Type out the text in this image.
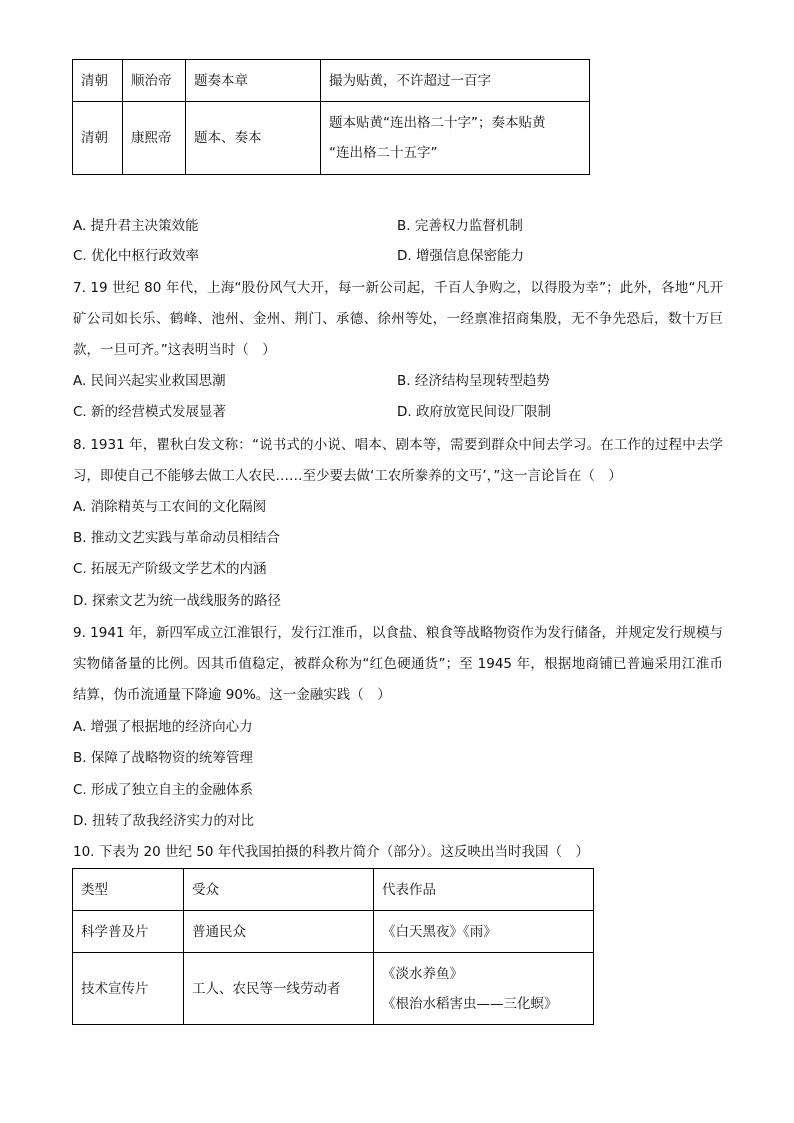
清朝	顺治帝	题奏本章	撮为贴黄，不许超过一百字
清朝	康熙帝	题本、奏本	题本贴黄“连出格二十字”；奏本贴黄
“连出格二十五字”
A. 提升君主决策效能	B. 完善权力监督机制
C. 优化中枢行政效率	D. 增强信息保密能力
7. 19 世纪 80 年代，上海“股份风气大开，每一新公司起，千百人争购之，以得股为幸”；此外，各地“凡开矿公司如长乐、鹤峰、池州、金州、荆门、承德、徐州等处，一经禀准招商集股，无不争先恐后，数十万巨款，一旦可齐。”这表明当时（　）
A. 民间兴起实业救国思潮	B. 经济结构呈现转型趋势
C. 新的经营模式发展显著	D. 政府放宽民间设厂限制
8. 1931 年，瞿秋白发文称：“说书式的小说、唱本、剧本等，需要到群众中间去学习。在工作的过程中去学习，即使自己不能够去做工人农民……至少要去做‘工农所豢养的文丐’，”这一言论旨在（　）
A. 消除精英与工农间的文化隔阂
B. 推动文艺实践与革命动员相结合
C. 拓展无产阶级文学艺术的内涵
D. 探索文艺为统一战线服务的路径
9. 1941 年，新四军成立江淮银行，发行江淮币，以食盐、粮食等战略物资作为发行储备，并规定发行规模与实物储备量的比例。因其币值稳定，被群众称为“红色硬通货”；至 1945 年，根据地商铺已普遍采用江淮币结算，伪币流通量下降逾 90%。这一金融实践（　）
A. 增强了根据地的经济向心力
B. 保障了战略物资的统筹管理
C. 形成了独立自主的金融体系
D. 扭转了敌我经济实力的对比
10. 下表为 20 世纪 50 年代我国拍摄的科教片简介（部分）。这反映出当时我国（　）
类型	受众	代表作品
科学普及片	普通民众	《白天黑夜》《雨》
技术宣传片	工人、农民等一线劳动者	《淡水养鱼》
《根治水稻害虫——三化螟》
